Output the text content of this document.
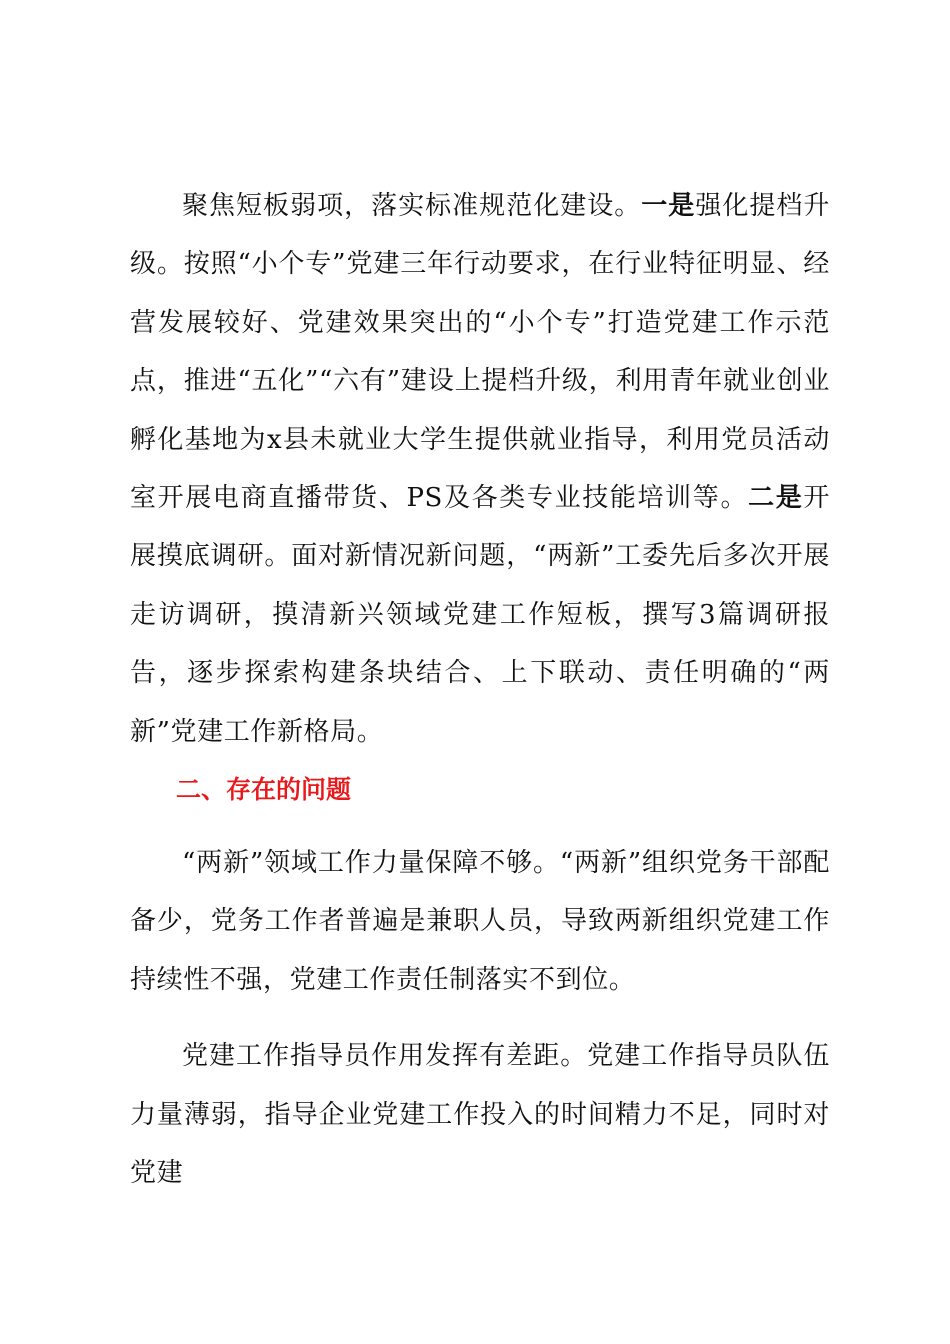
聚焦短板弱项，落实标准规范化建设。一是强化提档升级。按照“小个专”党建三年行动要求，在行业特征明显、经营发展较好、党建效果突出的“小个专”打造党建工作示范点，推进“五化”“六有”建设上提档升级，利用青年就业创业孵化基地为x县未就业大学生提供就业指导，利用党员活动室开展电商直播带货、PS及各类专业技能培训等。二是开展摸底调研。面对新情况新问题，“两新”工委先后多次开展走访调研，摸清新兴领域党建工作短板，撰写3篇调研报告，逐步探索构建条块结合、上下联动、责任明确的“两新”党建工作新格局。

二、存在的问题

“两新”领域工作力量保障不够。“两新”组织党务干部配备少，党务工作者普遍是兼职人员，导致两新组织党建工作持续性不强，党建工作责任制落实不到位。

党建工作指导员作用发挥有差距。党建工作指导员队伍力量薄弱，指导企业党建工作投入的时间精力不足，同时对党建
